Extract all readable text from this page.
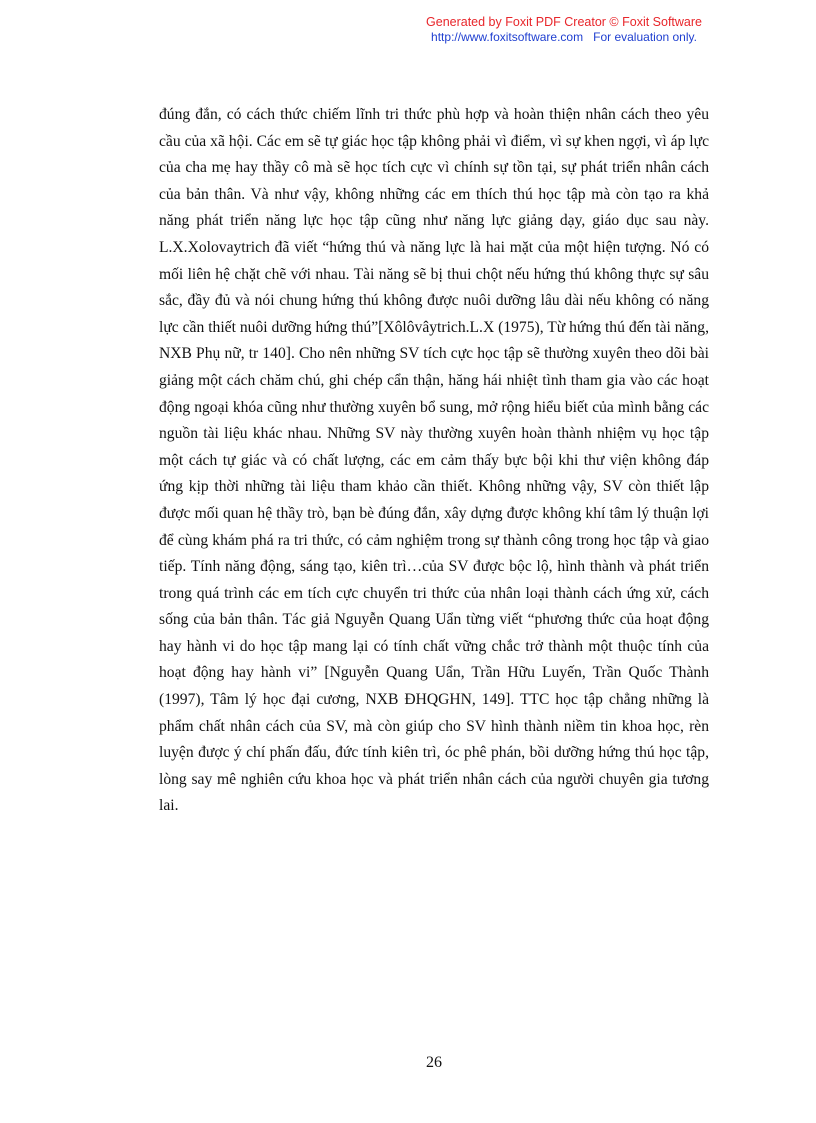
Generated by Foxit PDF Creator © Foxit Software
http://www.foxitsoftware.com For evaluation only.

đúng đắn, có cách thức chiếm lĩnh tri thức phù hợp và hoàn thiện nhân cách theo yêu cầu của xã hội. Các em sẽ tự giác học tập không phải vì điểm, vì sự khen ngợi, vì áp lực của cha mẹ hay thầy cô mà sẽ học tích cực vì chính sự tồn tại, sự phát triển nhân cách của bản thân. Và như vậy, không những các em thích thú học tập mà còn tạo ra khả năng phát triển năng lực học tập cũng như năng lực giảng dạy, giáo dục sau này. L.X.Xolovaytrich đã viết “hứng thú và năng lực là hai mặt của một hiện tượng. Nó có mối liên hệ chặt chẽ với nhau. Tài năng sẽ bị thui chột nếu hứng thú không thực sự sâu sắc, đầy đủ và nói chung hứng thú không được nuôi dưỡng lâu dài nếu không có năng lực cần thiết nuôi dưỡng hứng thú”[Xôlôvâytrich.L.X (1975), Từ hứng thú đến tài năng, NXB Phụ nữ, tr 140]. Cho nên những SV tích cực học tập sẽ thường xuyên theo dõi bài giảng một cách chăm chú, ghi chép cẩn thận, hăng hái nhiệt tình tham gia vào các hoạt động ngoại khóa cũng như thường xuyên bổ sung, mở rộng hiểu biết của mình bằng các nguồn tài liệu khác nhau. Những SV này thường xuyên hoàn thành nhiệm vụ học tập một cách tự giác và có chất lượng, các em cảm thấy bực bội khi thư viện không đáp ứng kịp thời những tài liệu tham khảo cần thiết. Không những vậy, SV còn thiết lập được mối quan hệ thầy trò, bạn bè đúng đắn, xây dựng được không khí tâm lý thuận lợi để cùng khám phá ra tri thức, có cảm nghiệm trong sự thành công trong học tập và giao tiếp. Tính năng động, sáng tạo, kiên trì…của SV được bộc lộ, hình thành và phát triển trong quá trình các em tích cực chuyển tri thức của nhân loại thành cách ứng xử, cách sống của bản thân. Tác giả Nguyễn Quang Uẩn từng viết “phương thức của hoạt động hay hành vi do học tập mang lại có tính chất vững chắc trở thành một thuộc tính của hoạt động hay hành vi” [Nguyễn Quang Uẩn, Trần Hữu Luyến, Trần Quốc Thành (1997), Tâm lý học đại cương, NXB ĐHQGHN, 149]. TTC học tập chẳng những là phẩm chất nhân cách của SV, mà còn giúp cho SV hình thành niềm tin khoa học, rèn luyện được ý chí phấn đấu, đức tính kiên trì, óc phê phán, bồi dưỡng hứng thú học tập, lòng say mê nghiên cứu khoa học và phát triển nhân cách của người chuyên gia tương lai.

26
